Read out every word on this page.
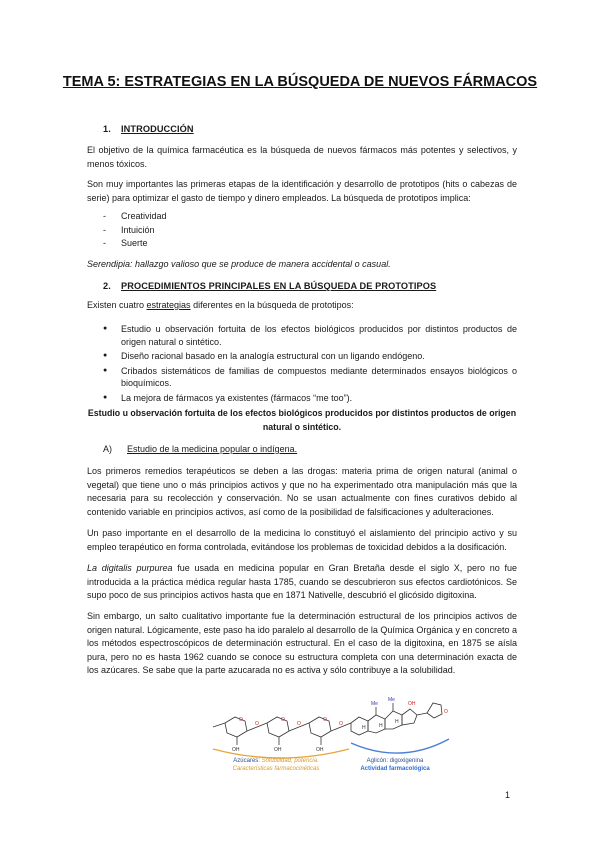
TEMA 5: ESTRATEGIAS EN LA BÚSQUEDA DE NUEVOS FÁRMACOS
1. INTRODUCCIÓN

El objetivo de la química farmacéutica es la búsqueda de nuevos fármacos más potentes y selectivos, y menos tóxicos.

Son muy importantes las primeras etapas de la identificación y desarrollo de prototipos (hits o cabezas de serie) para optimizar el gasto de tiempo y dinero empleados. La búsqueda de prototipos implica:

- Creatividad
- Intuición
- Suerte

Serendipia: hallazgo valioso que se produce de manera accidental o casual.

2. PROCEDIMIENTOS PRINCIPALES EN LA BÚSQUEDA DE PROTOTIPOS

Existen cuatro estrategias diferentes en la búsqueda de prototipos:

● Estudio u observación fortuita de los efectos biológicos producidos por distintos productos de origen natural o sintético.
● Diseño racional basado en la analogía estructural con un ligando endógeno.
● Cribados sistemáticos de familias de compuestos mediante determinados ensayos biológicos o bioquímicos.
● La mejora de fármacos ya existentes (fármacos “me too”).
Estudio u observación fortuita de los efectos biológicos producidos por distintos productos de origen natural o sintético.
A) Estudio de la medicina popular o indígena.

Los primeros remedios terapéuticos se deben a las drogas: materia prima de origen natural (animal o vegetal) que tiene uno o más principios activos y que no ha experimentado otra manipulación más que la necesaria para su recolección y conservación. No se usan actualmente con fines curativos debido al contenido variable en principios activos, así como de la posibilidad de falsificaciones y adulteraciones.

Un paso importante en el desarrollo de la medicina lo constituyó el aislamiento del principio activo y su empleo terapéutico en forma controlada, evitándose los problemas de toxicidad debidos a la dosificación.

La digitalis purpurea fue usada en medicina popular en Gran Bretaña desde el siglo X, pero no fue introducida a la práctica médica regular hasta 1785, cuando se descubrieron sus efectos cardiotónicos. Se supo poco de sus principios activos hasta que en 1871 Nativelle, descubrió el glicósido digitoxina.

Sin embargo, un salto cualitativo importante fue la determinación estructural de los principios activos de origen natural. Lógicamente, este paso ha ido paralelo al desarrollo de la Química Orgánica y en concreto a los métodos espectroscópicos de determinación estructural. En el caso de la digitoxina, en 1875 se aísla pura, pero no es hasta 1962 cuando se conoce su estructura completa con una determinación exacta de los azúcares. Se sabe que la parte azucarada no es activa y sólo contribuye a la solubilidad.

O	O	O
O	O	O
OH	OH	OH
Me
Me
H	H
H
OH
O
Azúcares: Solubilidad, potencia.
Características farmacocinéticas
Aglicón: digoxigenina
Actividad farmacológica
1
